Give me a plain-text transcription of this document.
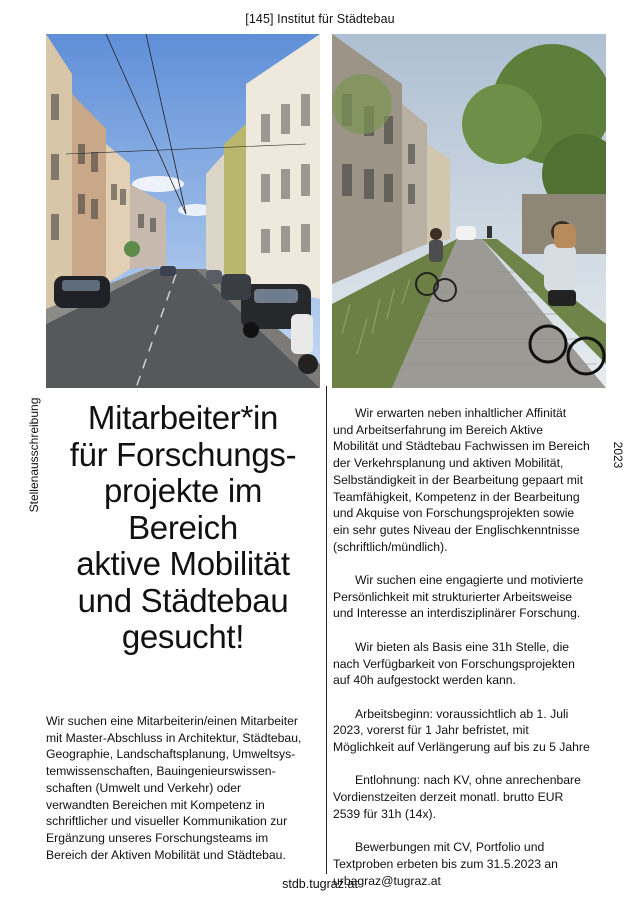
[145] Institut für Städtebau
Stellenausschreibung	2023
Mitarbeiter*in
für Forschungs-
projekte im
Bereich
aktive Mobilität
und Städtebau
gesucht!
Wir suchen eine Mitarbeiterin/einen Mitarbeiter
mit Master-Abschluss in Architektur, Städtebau,
Geographie, Landschaftsplanung, Umweltsys-
temwissenschaften, Bauingenieurswissen-
schaften (Umwelt und Verkehr) oder
verwandten Bereichen mit Kompetenz in
schriftlicher und visueller Kommunikation zur
Ergänzung unseres Forschungsteams im
Bereich der Aktiven Mobilität und Städtebau.
Wir erwarten neben inhaltlicher Affinität
und Arbeitserfahrung im Bereich Aktive
Mobilität und Städtebau Fachwissen im Bereich
der Verkehrsplanung und aktiven Mobilität,
Selbständigkeit in der Bearbeitung gepaart mit
Teamfähigkeit, Kompetenz in der Bearbeitung
und Akquise von Forschungsprojekten sowie
ein sehr gutes Niveau der Englischkenntnisse
(schriftlich/mündlich).
Wir suchen eine engagierte und motivierte
Persönlichkeit mit strukturierter Arbeitsweise
und Interesse an interdisziplinärer Forschung.
Wir bieten als Basis eine 31h Stelle, die
nach Verfügbarkeit von Forschungsprojekten
auf 40h aufgestockt werden kann.
Arbeitsbeginn: voraussichtlich ab 1. Juli
2023, vorerst für 1 Jahr befristet, mit
Möglichkeit auf Verlängerung auf bis zu 5 Jahre
Entlohnung: nach KV, ohne anrechenbare
Vordienstzeiten derzeit monatl. brutto EUR
2539 für 31h (14x).
Bewerbungen mit CV, Portfolio und
Textproben erbeten bis zum 31.5.2023 an
urbagraz@tugraz.at
stdb.tugraz.at
